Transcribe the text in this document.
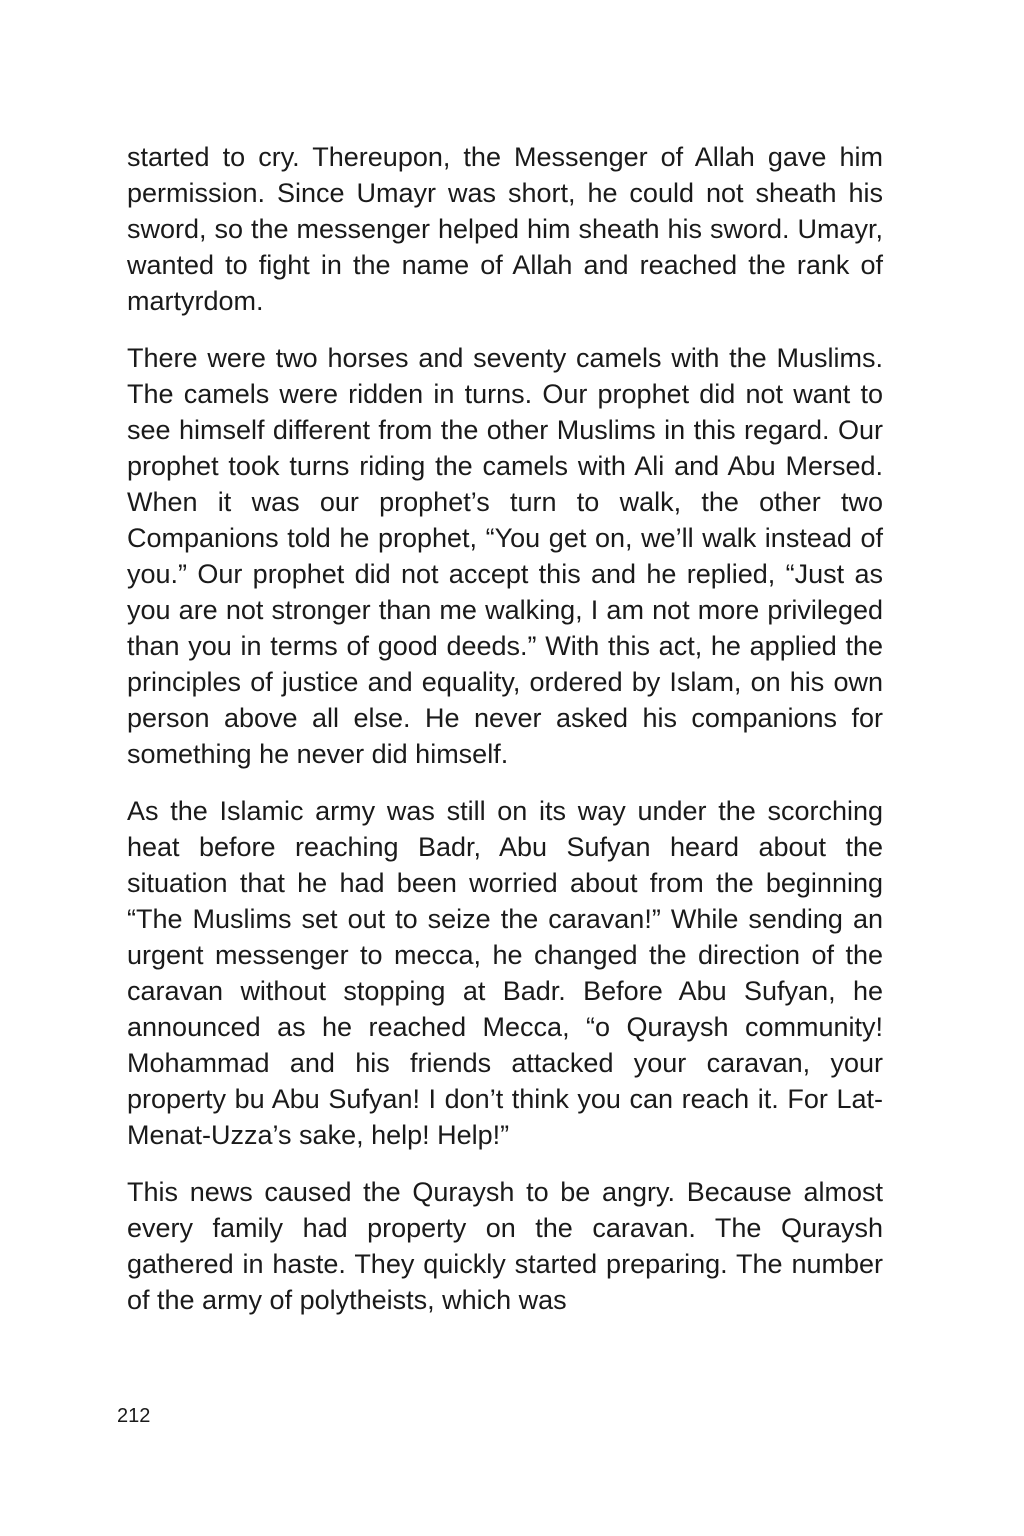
started to cry. Thereupon, the Messenger of Allah gave him permission. Since Umayr was short, he could not sheath his sword, so the messenger helped him sheath his sword. Umayr, wanted to fight in the name of Allah and reached the rank of martyrdom.

There were two horses and seventy camels with the Muslims. The camels were ridden in turns. Our prophet did not want to see himself different from the other Muslims in this regard. Our prophet took turns riding the camels with Ali and Abu Mersed. When it was our prophet’s turn to walk, the other two Companions told he prophet, “You get on, we’ll walk instead of you.” Our prophet did not accept this and he replied, “Just as you are not stronger than me walking, I am not more privileged than you in terms of good deeds.” With this act, he applied the principles of justice and equality, ordered by Islam, on his own person above all else. He never asked his companions for something he never did himself.

As the Islamic army was still on its way under the scorching heat before reaching Badr, Abu Sufyan heard about the situation that he had been worried about from the beginning “The Muslims set out to seize the caravan!” While sending an urgent messenger to mecca, he changed the direction of the caravan without stopping at Badr. Before Abu Sufyan, he announced as he reached Mecca, “o Quraysh community! Mohammad and his friends attacked your caravan, your property bu Abu Sufyan! I don’t think you can reach it. For Lat-Menat-Uzza’s sake, help! Help!”

This news caused the Quraysh to be angry. Because almost every family had property on the caravan. The Quraysh gathered in haste. They quickly started preparing. The number of the army of polytheists, which was

212
